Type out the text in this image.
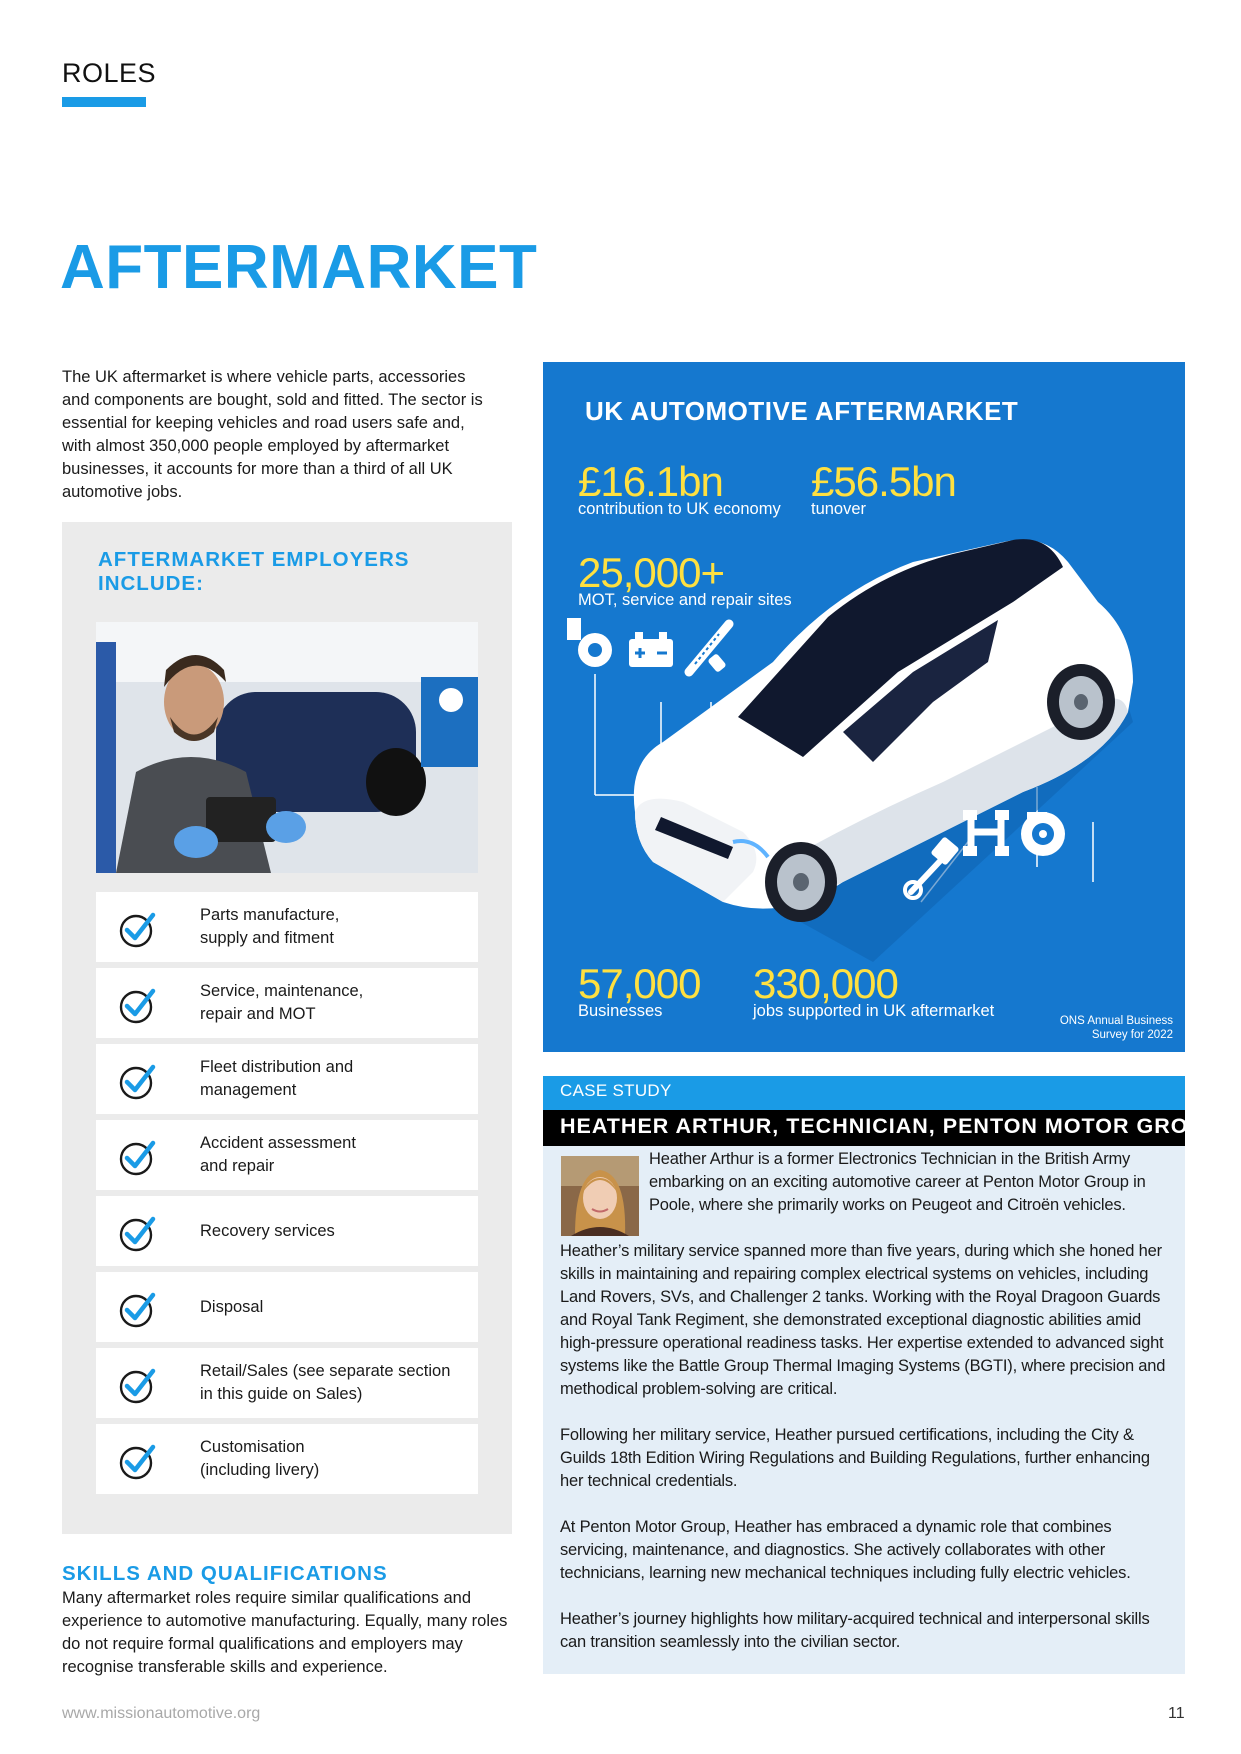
ROLES
AFTERMARKET
The UK aftermarket is where vehicle parts, accessories and components are bought, sold and fitted. The sector is essential for keeping vehicles and road users safe and, with almost 350,000 people employed by aftermarket businesses, it accounts for more than a third of all UK automotive jobs.
AFTERMARKET EMPLOYERS INCLUDE:
Parts manufacture,
supply and fitment
Service, maintenance,
repair and MOT
Fleet distribution and
management
Accident assessment
and repair
Recovery services
Disposal
Retail/Sales (see separate section
in this guide on Sales)
Customisation
(including livery)
SKILLS AND QUALIFICATIONS
Many aftermarket roles require similar qualifications and experience to automotive manufacturing. Equally, many roles do not require formal qualifications and employers may recognise transferable skills and experience.
UK AUTOMOTIVE AFTERMARKET
£16.1bn
contribution to UK economy
£56.5bn
tunover
25,000+
MOT, service and repair sites
57,000
Businesses
330,000
jobs supported in UK aftermarket
ONS Annual Business
Survey for 2022
CASE STUDY
HEATHER ARTHUR, TECHNICIAN, PENTON MOTOR GROUP
Heather Arthur is a former Electronics Technician in the British Army embarking on an exciting automotive career at Penton Motor Group in Poole, where she primarily works on Peugeot and Citroën vehicles.
Heather’s military service spanned more than five years, during which she honed her skills in maintaining and repairing complex electrical systems on vehicles, including Land Rovers, SVs, and Challenger 2 tanks. Working with the Royal Dragoon Guards and Royal Tank Regiment, she demonstrated exceptional diagnostic abilities amid high-pressure operational readiness tasks. Her expertise extended to advanced sight systems like the Battle Group Thermal Imaging Systems (BGTI), where precision and methodical problem-solving are critical.
Following her military service, Heather pursued certifications, including the City & Guilds 18th Edition Wiring Regulations and Building Regulations, further enhancing her technical credentials.
At Penton Motor Group, Heather has embraced a dynamic role that combines servicing, maintenance, and diagnostics. She actively collaborates with other technicians, learning new mechanical techniques including fully electric vehicles.
Heather’s journey highlights how military-acquired technical and interpersonal skills can transition seamlessly into the civilian sector.
www.missionautomotive.org	11
